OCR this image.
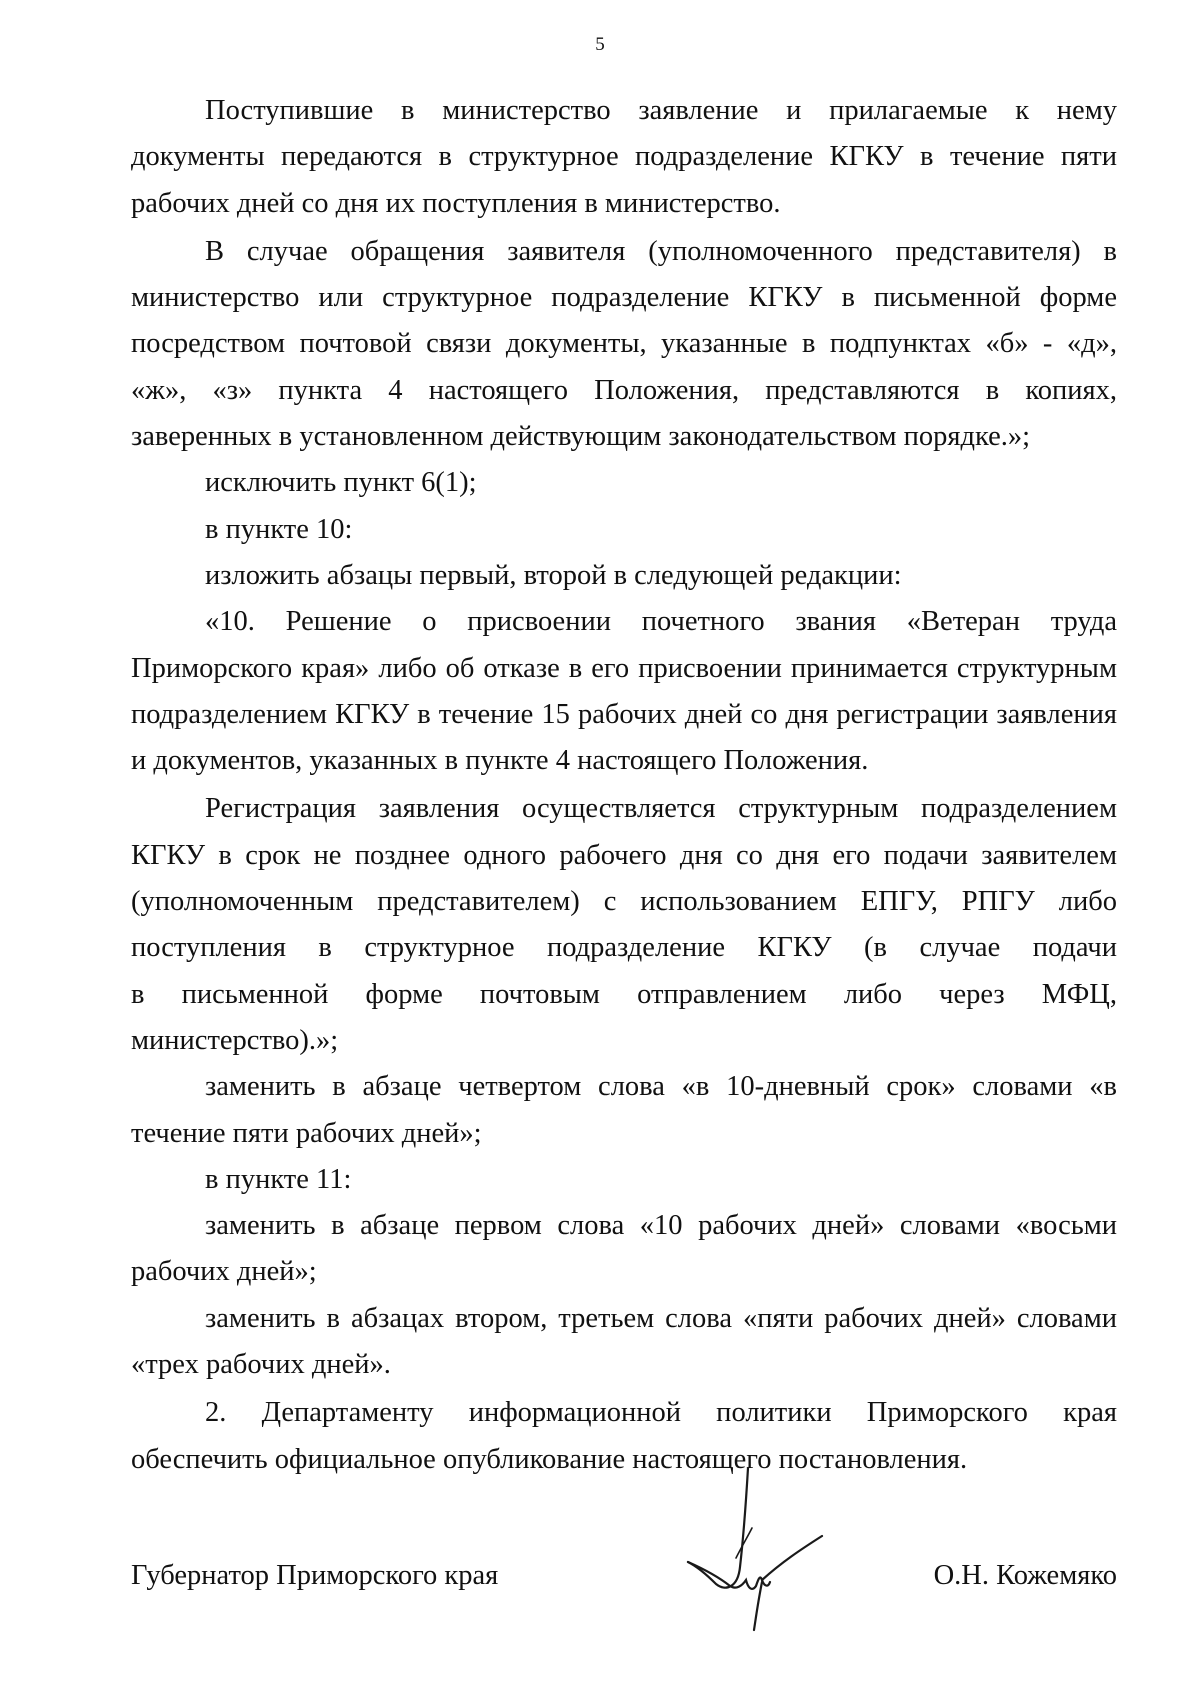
5

Поступившие в министерство заявление и прилагаемые к нему

документы передаются в структурное подразделение КГКУ в течение пяти

рабочих дней со дня их поступления в министерство.

В случае обращения заявителя (уполномоченного представителя) в

министерство или структурное подразделение КГКУ в письменной форме

посредством почтовой связи документы, указанные в подпунктах «б» - «д»,

«ж», «з» пункта 4 настоящего Положения, представляются в копиях,

заверенных в установленном действующим законодательством порядке.»;

исключить пункт 6(1);

в пункте 10:

изложить абзацы первый, второй в следующей редакции:

«10. Решение о присвоении почетного звания «Ветеран труда

Приморского края» либо об отказе в его присвоении принимается структурным

подразделением КГКУ в течение 15 рабочих дней со дня регистрации заявления

и документов, указанных в пункте 4 настоящего Положения.

Регистрация заявления осуществляется структурным подразделением

КГКУ в срок не позднее одного рабочего дня со дня его подачи заявителем

(уполномоченным представителем) с использованием ЕПГУ, РПГУ либо

поступления в структурное подразделение КГКУ (в случае подачи

в письменной форме почтовым отправлением либо через МФЦ,

министерство).»;

заменить в абзаце четвертом слова «в 10-дневный срок» словами «в

течение пяти рабочих дней»;

в пункте 11:

заменить в абзаце первом слова «10 рабочих дней» словами «восьми

рабочих дней»;

заменить в абзацах втором, третьем слова «пяти рабочих дней» словами

«трех рабочих дней».

2. Департаменту информационной политики Приморского края

обеспечить официальное опубликование настоящего постановления.

Губернатор Приморского края	О.Н. Кожемяко
